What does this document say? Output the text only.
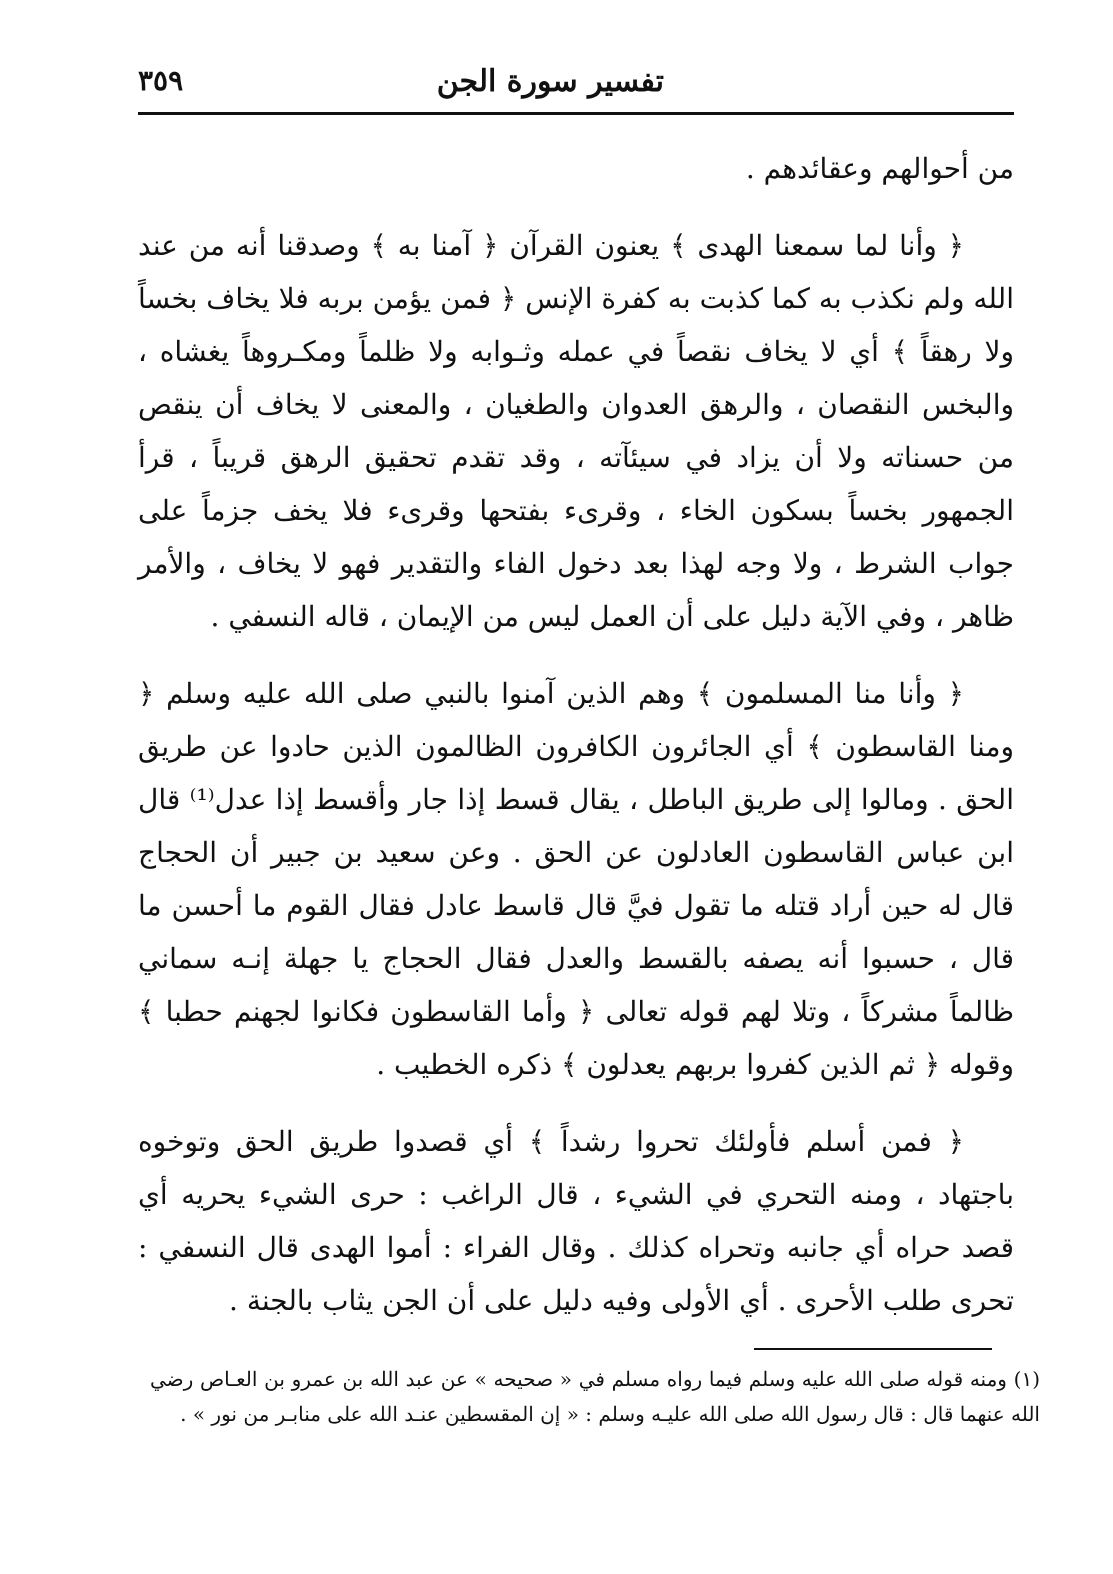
تفسير سورة الجن
٣٥٩

من أحوالهم وعقائدهم .

﴿ وأنا لما سمعنا الهدى ﴾ يعنون القرآن ﴿ آمنا به ﴾ وصدقنا أنه من عند الله ولم نكذب به كما كذبت به كفرة الإنس ﴿ فمن يؤمن بربه فلا يخاف بخساً ولا رهقاً ﴾ أي لا يخاف نقصاً في عمله وثـوابه ولا ظلماً ومكـروهاً يغشاه ، والبخس النقصان ، والرهق العدوان والطغيان ، والمعنى لا يخاف أن ينقص من حسناته ولا أن يزاد في سيئآته ، وقد تقدم تحقيق الرهق قريباً ، قرأ الجمهور بخساً بسكون الخاء ، وقرىء بفتحها وقرىء فلا يخف جزماً على جواب الشرط ، ولا وجه لهذا بعد دخول الفاء والتقدير فهو لا يخاف ، والأمر ظاهر ، وفي الآية دليل على أن العمل ليس من الإيمان ، قاله النسفي .

﴿ وأنا منا المسلمون ﴾ وهم الذين آمنوا بالنبي صلى الله عليه وسلم ﴿ ومنا القاسطون ﴾ أي الجائرون الكافرون الظالمون الذين حادوا عن طريق الحق . ومالوا إلى طريق الباطل ، يقال قسط إذا جار وأقسط إذا عدل⁽¹⁾ قال ابن عباس القاسطون العادلون عن الحق . وعن سعيد بن جبير أن الحجاج قال له حين أراد قتله ما تقول فيَّ قال قاسط عادل فقال القوم ما أحسن ما قال ، حسبوا أنه يصفه بالقسط والعدل فقال الحجاج يا جهلة إنـه سماني ظالماً مشركاً ، وتلا لهم قوله تعالى ﴿ وأما القاسطون فكانوا لجهنم حطبا ﴾ وقوله ﴿ ثم الذين كفروا بربهم يعدلون ﴾ ذكره الخطيب .

﴿ فمن أسلم فأولئك تحروا رشداً ﴾ أي قصدوا طريق الحق وتوخوه باجتهاد ، ومنه التحري في الشيء ، قال الراغب : حرى الشيء يحريه أي قصد حراه أي جانبه وتحراه كذلك . وقال الفراء : أموا الهدى قال النسفي : تحرى طلب الأحرى . أي الأولى وفيه دليل على أن الجن يثاب بالجنة .

(١) ومنه قوله صلى الله عليه وسلم فيما رواه مسلم في « صحيحه » عن عبد الله بن عمرو بن العـاص رضي الله عنهما قال : قال رسول الله صلى الله عليـه وسلم : « إن المقسطين عنـد الله على منابـر من نور » .
